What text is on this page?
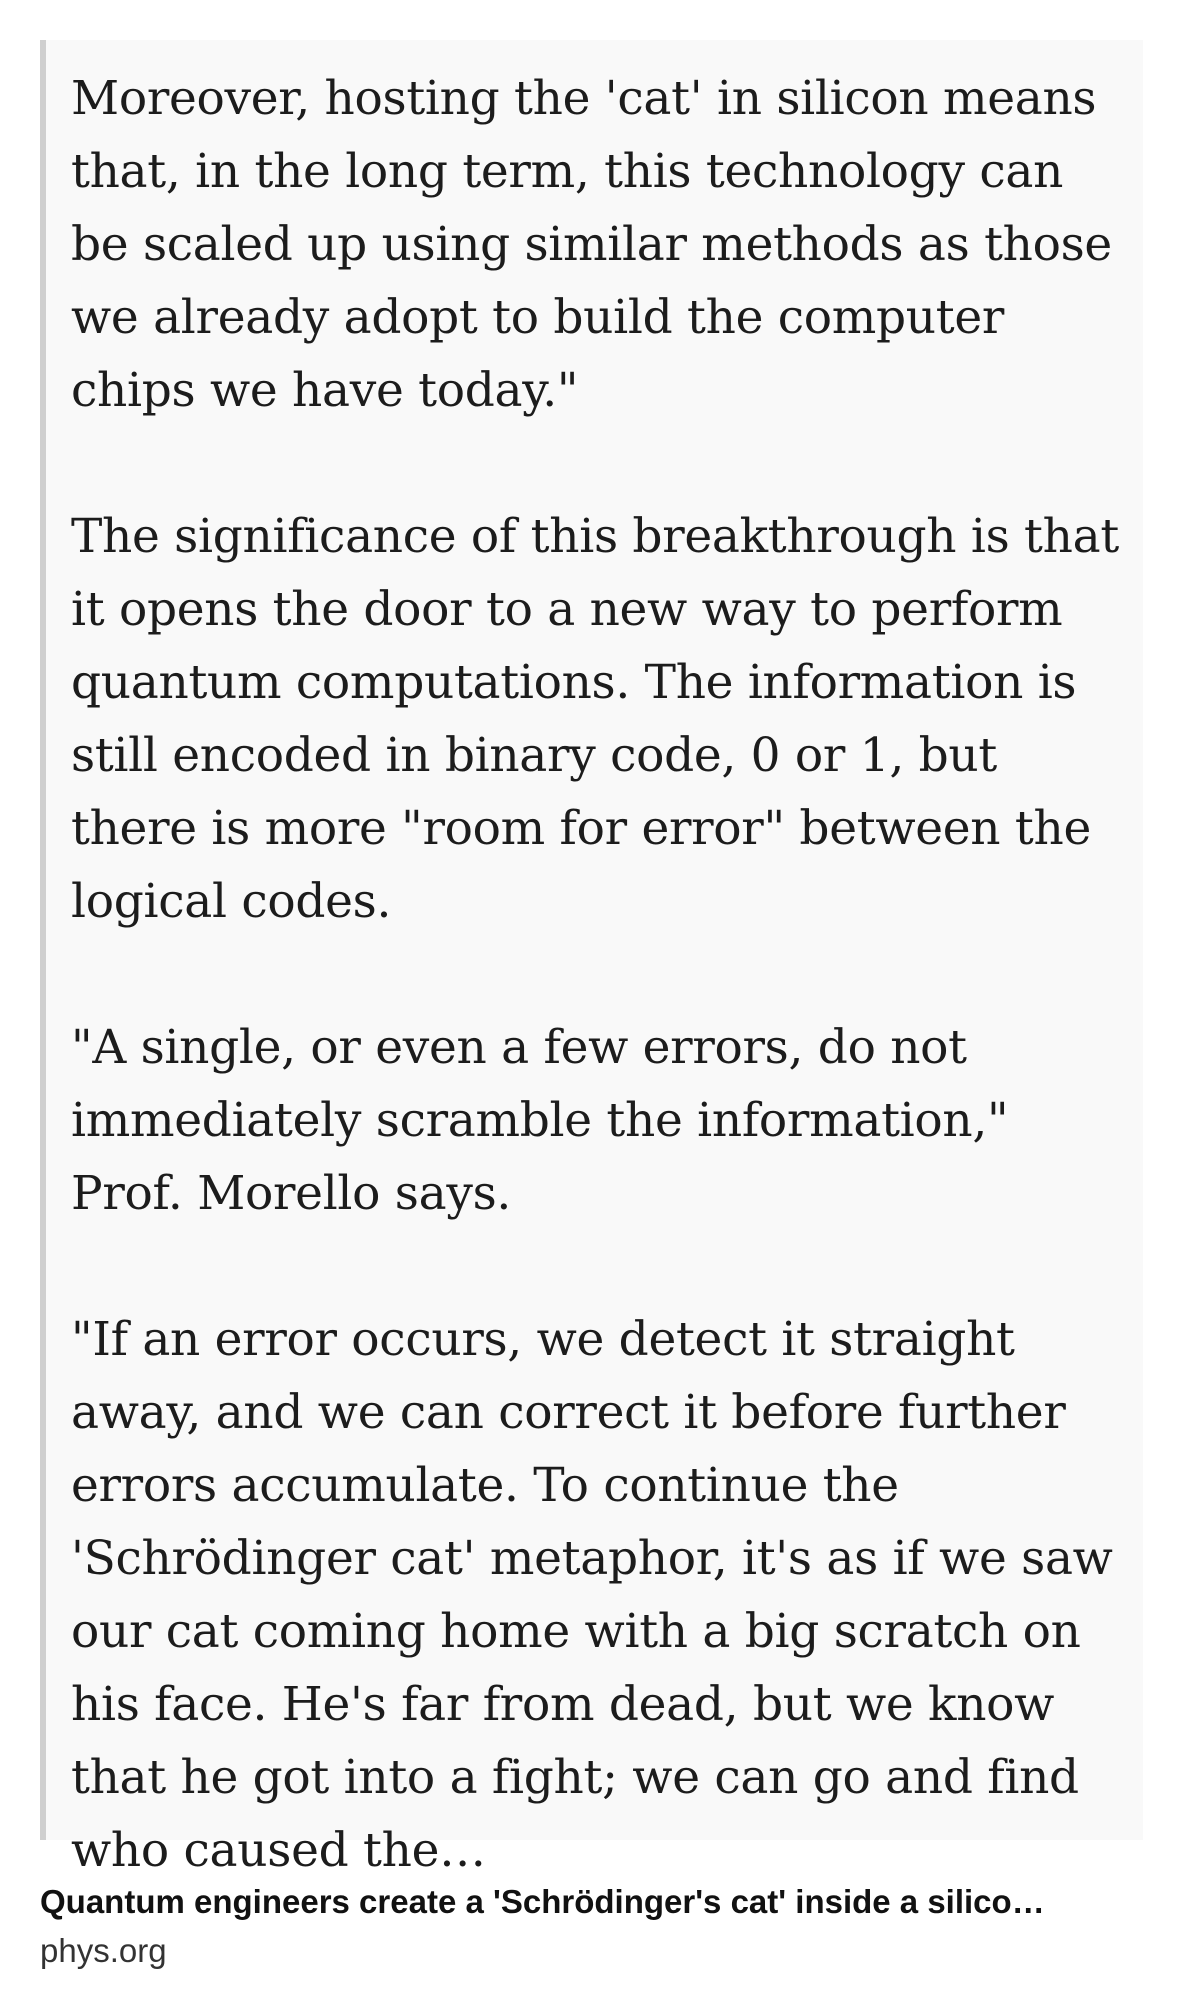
Moreover, hosting the 'cat' in silicon means that, in the long term, this technology can be scaled up using similar methods as those we already adopt to build the computer chips we have today."

The significance of this breakthrough is that it opens the door to a new way to perform quantum computations. The information is still encoded in binary code, 0 or 1, but there is more "room for error" between the logical codes.

"A single, or even a few errors, do not immediately scramble the information," Prof. Morello says.

"If an error occurs, we detect it straight away, and we can correct it before further errors accumulate. To continue the 'Schrödinger cat' metaphor, it's as if we saw our cat coming home with a big scratch on his face. He's far from dead, but we know that he got into a fight; we can go and find who caused the…

Quantum engineers create a 'Schrödinger's cat' inside a silico…
phys.org
